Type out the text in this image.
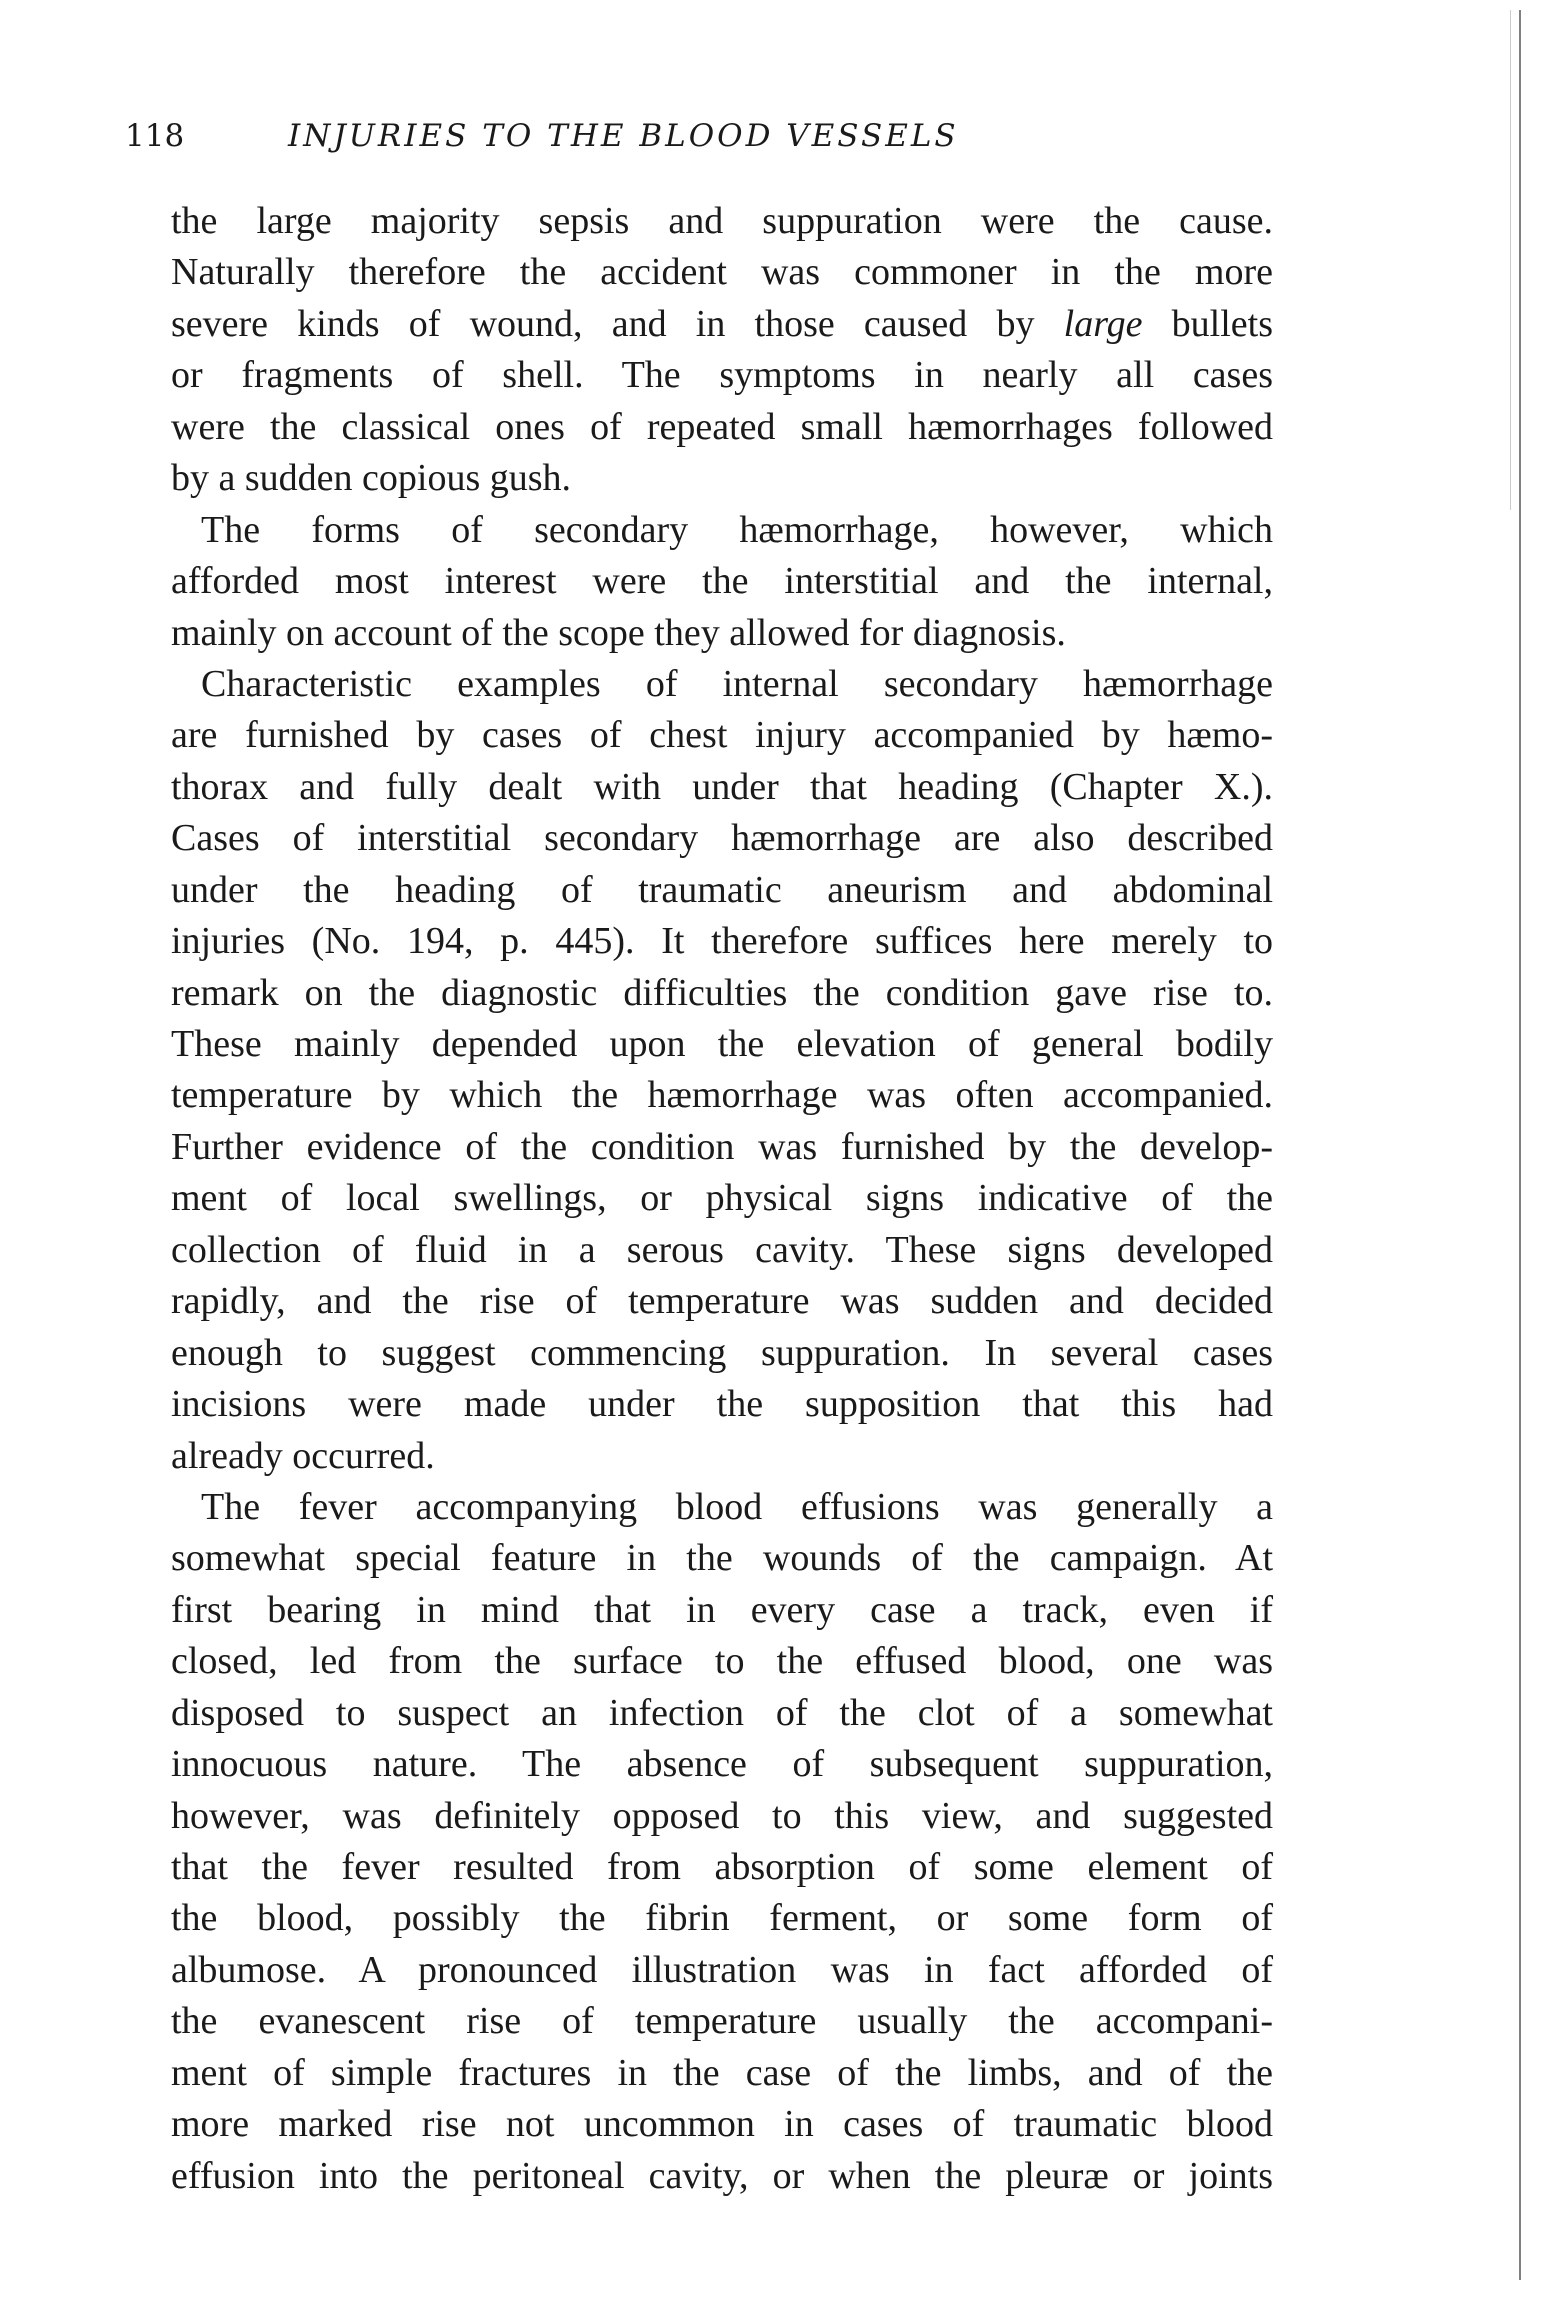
118	INJURIES TO THE BLOOD VESSELS
the large majority sepsis and suppuration were the cause.
Naturally therefore the accident was commoner in the more
severe kinds of wound, and in those caused by large bullets
or fragments of shell. The symptoms in nearly all cases
were the classical ones of repeated small hæmorrhages followed
by a sudden copious gush.
The forms of secondary hæmorrhage, however, which
afforded most interest were the interstitial and the internal,
mainly on account of the scope they allowed for diagnosis.
Characteristic examples of internal secondary hæmorrhage
are furnished by cases of chest injury accompanied by hæmo-
thorax and fully dealt with under that heading (Chapter X.).
Cases of interstitial secondary hæmorrhage are also described
under the heading of traumatic aneurism and abdominal
injuries (No. 194, p. 445). It therefore suffices here merely to
remark on the diagnostic difficulties the condition gave rise to.
These mainly depended upon the elevation of general bodily
temperature by which the hæmorrhage was often accompanied.
Further evidence of the condition was furnished by the develop-
ment of local swellings, or physical signs indicative of the
collection of fluid in a serous cavity. These signs developed
rapidly, and the rise of temperature was sudden and decided
enough to suggest commencing suppuration. In several cases
incisions were made under the supposition that this had
already occurred.
The fever accompanying blood effusions was generally a
somewhat special feature in the wounds of the campaign. At
first bearing in mind that in every case a track, even if
closed, led from the surface to the effused blood, one was
disposed to suspect an infection of the clot of a somewhat
innocuous nature. The absence of subsequent suppuration,
however, was definitely opposed to this view, and suggested
that the fever resulted from absorption of some element of
the blood, possibly the fibrin ferment, or some form of
albumose. A pronounced illustration was in fact afforded of
the evanescent rise of temperature usually the accompani-
ment of simple fractures in the case of the limbs, and of the
more marked rise not uncommon in cases of traumatic blood
effusion into the peritoneal cavity, or when the pleuræ or joints
